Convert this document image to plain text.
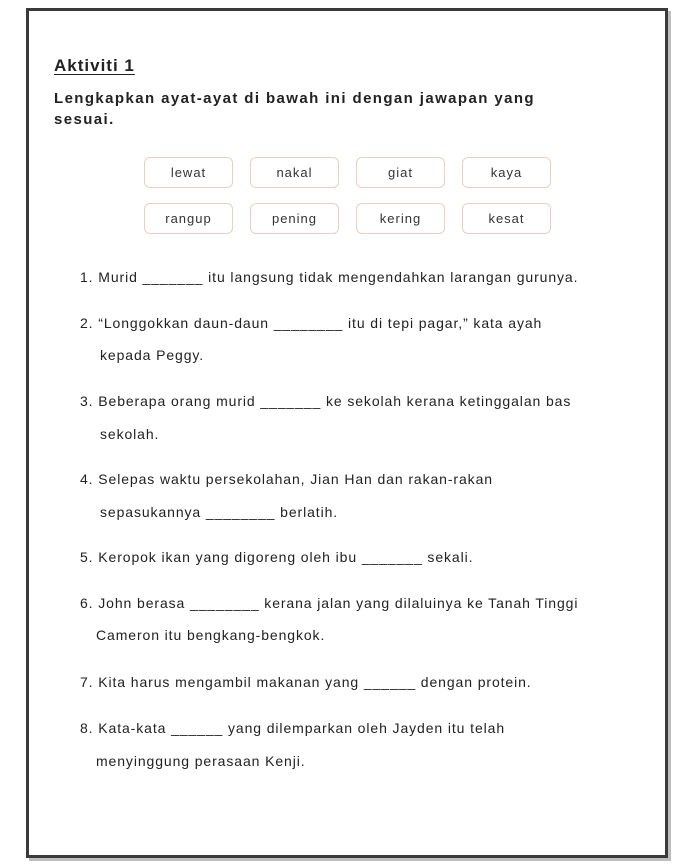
Aktiviti 1

Lengkapkan ayat-ayat di bawah ini dengan jawapan yang sesuai.

lewat	nakal	giat	kaya
rangup	pening	kering	kesat
1. Murid _______ itu langsung tidak mengendahkan larangan gurunya.
2. “Longgokkan daun-daun ________ itu di tepi pagar,” kata ayah
kepada Peggy.
3. Beberapa orang murid _______ ke sekolah kerana ketinggalan bas
sekolah.
4. Selepas waktu persekolahan, Jian Han dan rakan-rakan
sepasukannya ________ berlatih.
5. Keropok ikan yang digoreng oleh ibu _______ sekali.
6. John berasa ________ kerana jalan yang dilaluinya ke Tanah Tinggi
Cameron itu bengkang-bengkok.
7. Kita harus mengambil makanan yang ______ dengan protein.
8. Kata-kata ______ yang dilemparkan oleh Jayden itu telah
menyinggung perasaan Kenji.
